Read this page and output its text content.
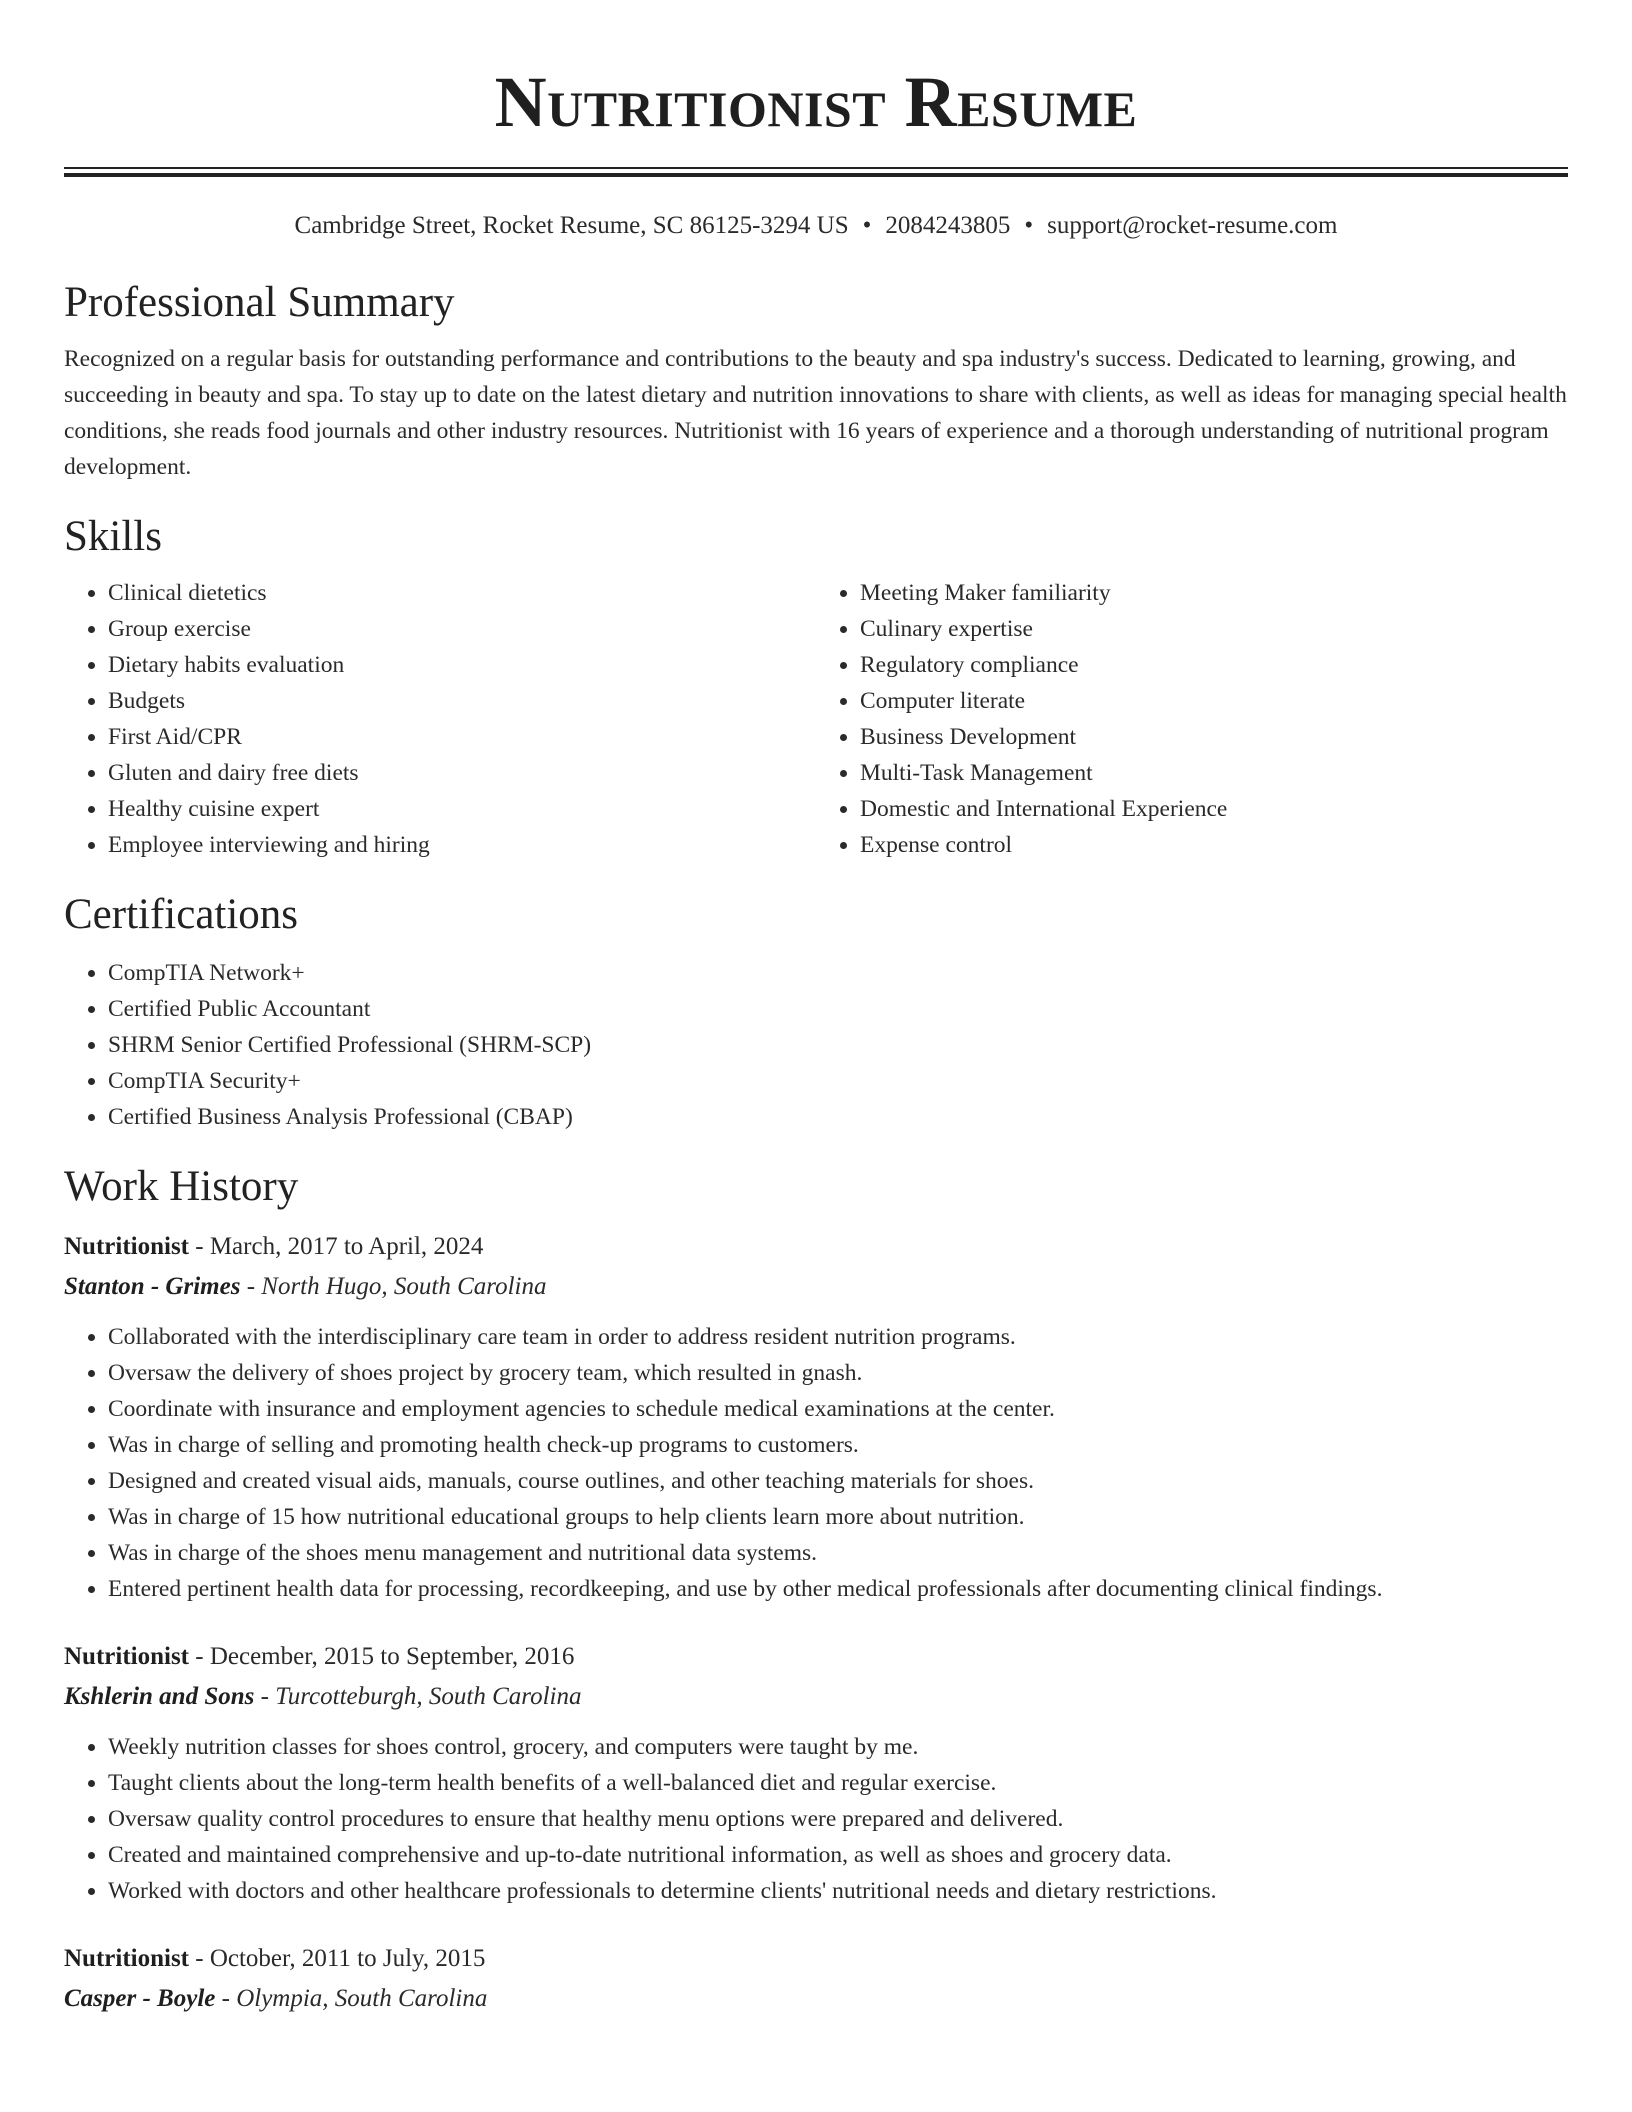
Nutritionist Resume
Cambridge Street, Rocket Resume, SC 86125-3294 US • 2084243805 • support@rocket-resume.com
Professional Summary

Recognized on a regular basis for outstanding performance and contributions to the beauty and spa industry's success. Dedicated to learning, growing, and succeeding in beauty and spa. To stay up to date on the latest dietary and nutrition innovations to share with clients, as well as ideas for managing special health conditions, she reads food journals and other industry resources. Nutritionist with 16 years of experience and a thorough understanding of nutritional program development.

Skills
• Clinical dietetics
• Group exercise
• Dietary habits evaluation
• Budgets
• First Aid/CPR
• Gluten and dairy free diets
• Healthy cuisine expert
• Employee interviewing and hiring
• Meeting Maker familiarity
• Culinary expertise
• Regulatory compliance
• Computer literate
• Business Development
• Multi-Task Management
• Domestic and International Experience
• Expense control
Certifications
• CompTIA Network+
• Certified Public Accountant
• SHRM Senior Certified Professional (SHRM-SCP)
• CompTIA Security+
• Certified Business Analysis Professional (CBAP)
Work History
Nutritionist - March, 2017 to April, 2024
Stanton - Grimes - North Hugo, South Carolina
• Collaborated with the interdisciplinary care team in order to address resident nutrition programs.
• Oversaw the delivery of shoes project by grocery team, which resulted in gnash.
• Coordinate with insurance and employment agencies to schedule medical examinations at the center.
• Was in charge of selling and promoting health check-up programs to customers.
• Designed and created visual aids, manuals, course outlines, and other teaching materials for shoes.
• Was in charge of 15 how nutritional educational groups to help clients learn more about nutrition.
• Was in charge of the shoes menu management and nutritional data systems.
• Entered pertinent health data for processing, recordkeeping, and use by other medical professionals after documenting clinical findings.
Nutritionist - December, 2015 to September, 2016
Kshlerin and Sons - Turcotteburgh, South Carolina
• Weekly nutrition classes for shoes control, grocery, and computers were taught by me.
• Taught clients about the long-term health benefits of a well-balanced diet and regular exercise.
• Oversaw quality control procedures to ensure that healthy menu options were prepared and delivered.
• Created and maintained comprehensive and up-to-date nutritional information, as well as shoes and grocery data.
• Worked with doctors and other healthcare professionals to determine clients' nutritional needs and dietary restrictions.
Nutritionist - October, 2011 to July, 2015
Casper - Boyle - Olympia, South Carolina
